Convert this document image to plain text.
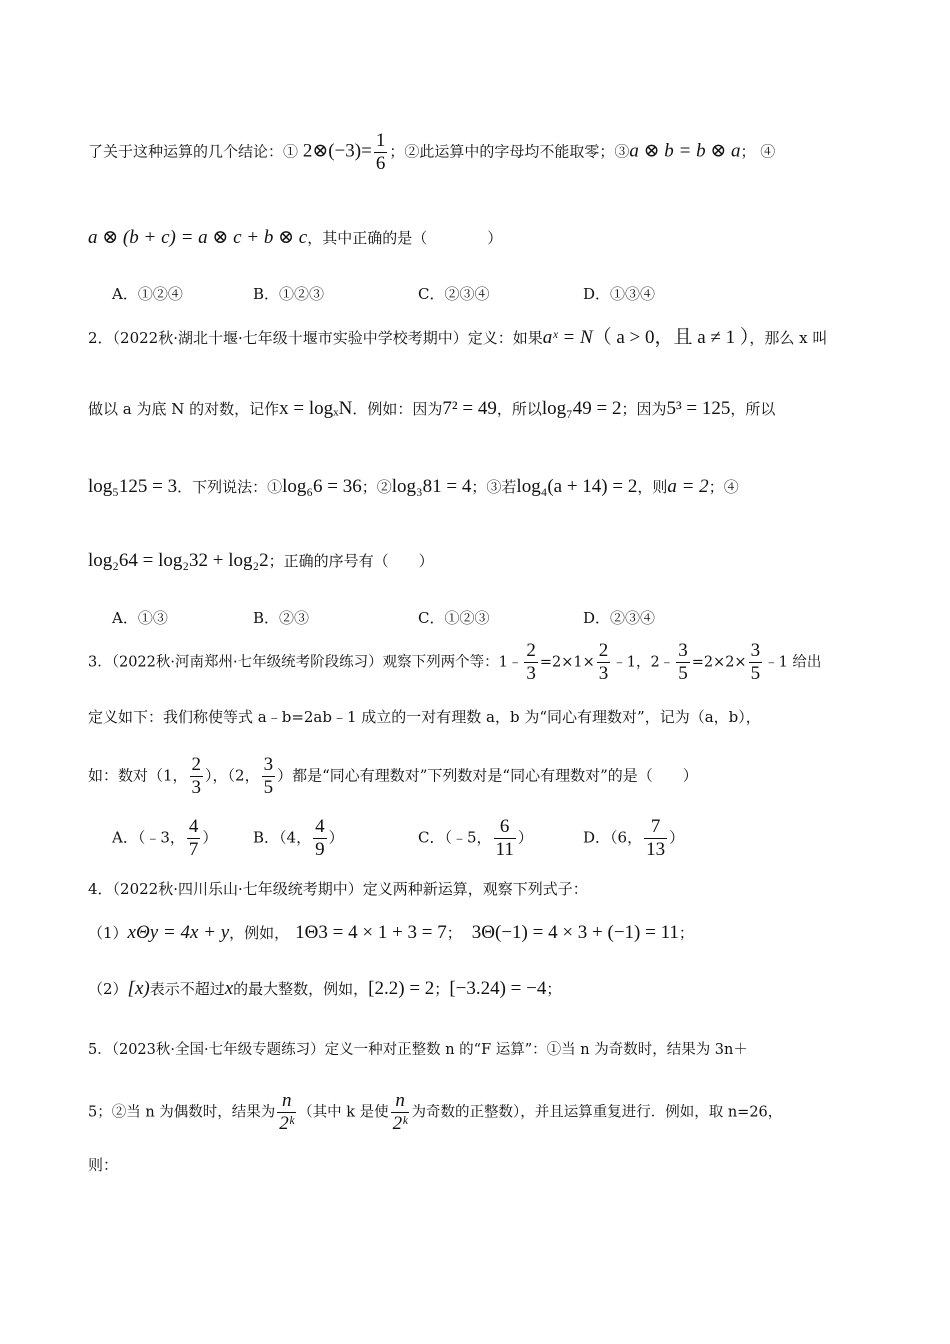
了关于这种运算的几个结论：① 2⊗(−3)= $\frac{1}{6}$ ；②此运算中的字母均不能取零；③a ⊗ b = b ⊗ a； ④
a ⊗ (b + c) = a ⊗ c + b ⊗ c，其中正确的是（　　　　）
A．①②④	B．①②③	C．②③④	D．①③④
2．（2022秋·湖北十堰·七年级十堰市实验中学校考期中）定义：如果aˣ = N（ a > 0，且 a ≠ 1 ），那么 x 叫
做以 a 为底 N 的对数，记作x = logₓN．例如：因为7² = 49，所以log₇49 = 2；因为5³ = 125，所以
log₅125 = 3．下列说法：①log₆6 = 36；②log₃81 = 4；③若log₄(a + 14) = 2，则a = 2；④
log₂64 = log₂32 + log₂2；正确的序号有（　　）
A．①③	B．②③	C．①②③	D．②③④
3．（2022秋·河南郑州·七年级统考阶段练习）观察下列两个等：1﹣ $\frac{2}{3} =2\times 1\times \frac{2}{3}$ ﹣1，2﹣ $\frac{3}{5} =2\times 2\times \frac{3}{5}$ ﹣1 给出
定义如下：我们称使等式 a﹣b=2ab﹣1 成立的一对有理数 a，b 为“同心有理数对”，记为（a，b），
如：数对（1， $\frac{2}{3}$ ），（2， $\frac{3}{5}$ ）都是“同心有理数对”下列数对是“同心有理数对”的是（　　）
A．（﹣3， $\frac{4}{7}$ ） B．（4， $\frac{4}{9}$ ）	C．（﹣5， $\frac{6}{11}$ ）	D．（6， $\frac{7}{13}$ ）
4．（2022秋·四川乐山·七年级统考期中）定义两种新运算，观察下列式子：
（1）xΘy = 4x + y，例如， 1Θ3 = 4 × 1 + 3 = 7； 3Θ(−1) = 4 × 3 + (−1) = 11；
（2）[x)表示不超过x的最大整数，例如，[2.2) = 2；[−3.24) = −4；
5．（2023秋·全国·七年级专题练习）定义一种对正整数 n 的“F 运算”：①当 n 为奇数时，结果为 3n＋
5；②当 n 为偶数时，结果为 $\frac{n}{\text{2ᵏ}}$ （其中 k 是使 $\frac{n}{\text{2ᵏ}}$ 为奇数的正整数），并且运算重复进行．例如，取 n=26，
则：
